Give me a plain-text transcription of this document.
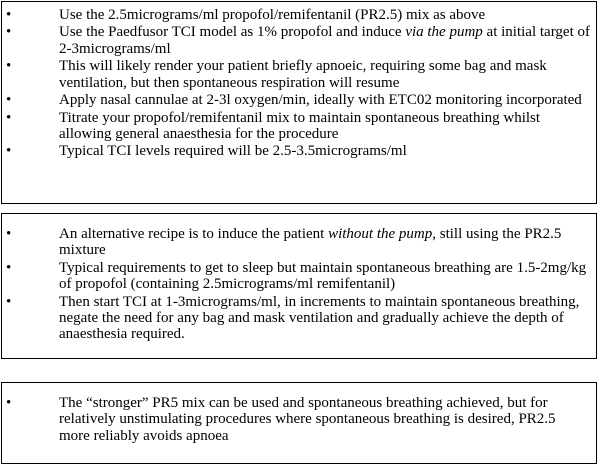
•	Use the 2.5micrograms/ml propofol/remifentanil (PR2.5) mix as above
•	Use the Paedfusor TCI model as 1% propofol and induce via the pump at initial target of 2-3micrograms/ml
•	This will likely render your patient briefly apnoeic, requiring some bag and mask ventilation, but then spontaneous respiration will resume
•	Apply nasal cannulae at 2-3l oxygen/min, ideally with ETC02 monitoring incorporated
•	Titrate your propofol/remifentanil mix to maintain spontaneous breathing whilst allowing general anaesthesia for the procedure
•	Typical TCI levels required will be 2.5-3.5micrograms/ml
•	An alternative recipe is to induce the patient without the pump, still using the PR2.5 mixture
•	Typical requirements to get to sleep but maintain spontaneous breathing are 1.5-2mg/kg of propofol (containing 2.5micrograms/ml remifentanil)
•	Then start TCI at 1-3micrograms/ml, in increments to maintain spontaneous breathing, negate the need for any bag and mask ventilation and gradually achieve the depth of anaesthesia required.
•	The “stronger” PR5 mix can be used and spontaneous breathing achieved, but for relatively unstimulating procedures where spontaneous breathing is desired, PR2.5 more reliably avoids apnoea
